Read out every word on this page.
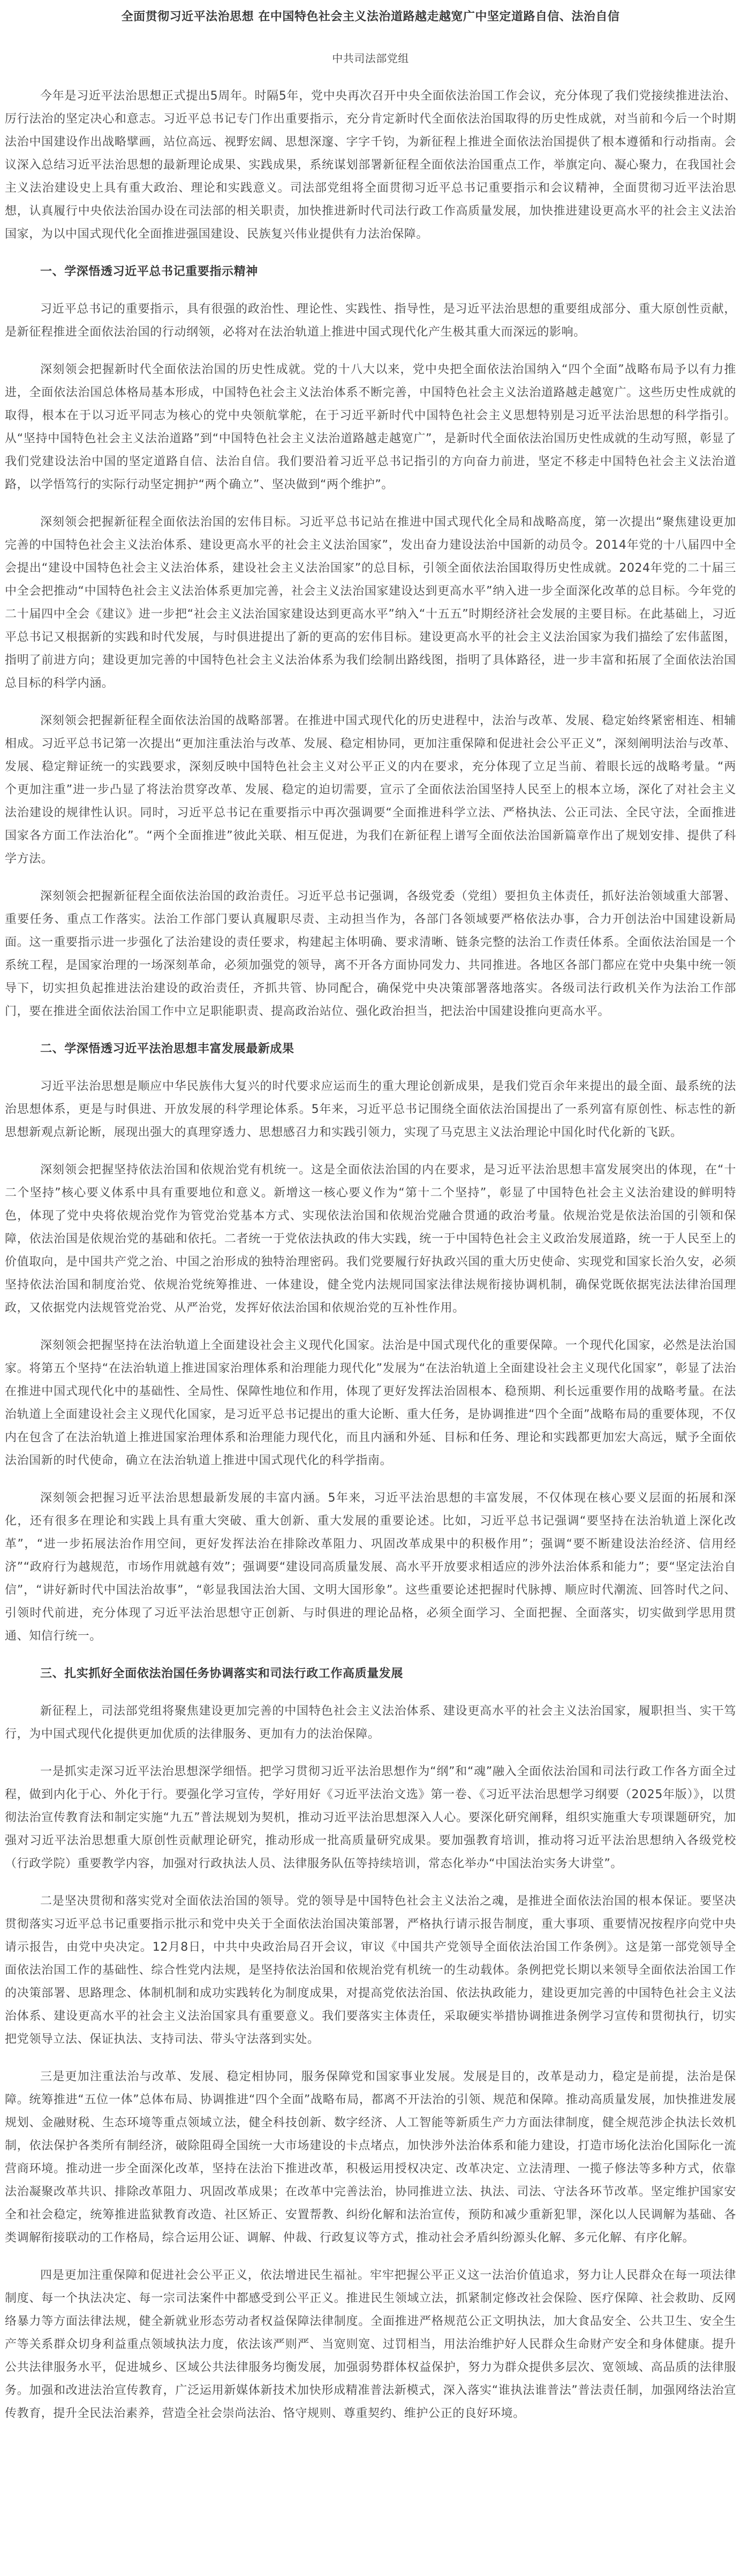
全面贯彻习近平法治思想 在中国特色社会主义法治道路越走越宽广中坚定道路自信、法治自信
中共司法部党组
今年是习近平法治思想正式提出5周年。时隔5年，党中央再次召开中央全面依法治国工作会议，充分体现了我们党接续推进法治、厉行法治的坚定决心和意志。习近平总书记专门作出重要指示，充分肯定新时代全面依法治国取得的历史性成就，对当前和今后一个时期法治中国建设作出战略擘画，站位高远、视野宏阔、思想深邃、字字千钧，为新征程上推进全面依法治国提供了根本遵循和行动指南。会议深入总结习近平法治思想的最新理论成果、实践成果，系统谋划部署新征程全面依法治国重点工作，举旗定向、凝心聚力，在我国社会主义法治建设史上具有重大政治、理论和实践意义。司法部党组将全面贯彻习近平总书记重要指示和会议精神，全面贯彻习近平法治思想，认真履行中央依法治国办设在司法部的相关职责，加快推进新时代司法行政工作高质量发展，加快推进建设更高水平的社会主义法治国家，为以中国式现代化全面推进强国建设、民族复兴伟业提供有力法治保障。
一、学深悟透习近平总书记重要指示精神
习近平总书记的重要指示，具有很强的政治性、理论性、实践性、指导性，是习近平法治思想的重要组成部分、重大原创性贡献，是新征程推进全面依法治国的行动纲领，必将对在法治轨道上推进中国式现代化产生极其重大而深远的影响。
深刻领会把握新时代全面依法治国的历史性成就。党的十八大以来，党中央把全面依法治国纳入“四个全面”战略布局予以有力推进，全面依法治国总体格局基本形成，中国特色社会主义法治体系不断完善，中国特色社会主义法治道路越走越宽广。这些历史性成就的取得，根本在于以习近平同志为核心的党中央领航掌舵，在于习近平新时代中国特色社会主义思想特别是习近平法治思想的科学指引。从“坚持中国特色社会主义法治道路”到“中国特色社会主义法治道路越走越宽广”，是新时代全面依法治国历史性成就的生动写照，彰显了我们党建设法治中国的坚定道路自信、法治自信。我们要沿着习近平总书记指引的方向奋力前进，坚定不移走中国特色社会主义法治道路，以学悟笃行的实际行动坚定拥护“两个确立”、坚决做到“两个维护”。
深刻领会把握新征程全面依法治国的宏伟目标。习近平总书记站在推进中国式现代化全局和战略高度，第一次提出“聚焦建设更加完善的中国特色社会主义法治体系、建设更高水平的社会主义法治国家”，发出奋力建设法治中国新的动员令。2014年党的十八届四中全会提出“建设中国特色社会主义法治体系，建设社会主义法治国家”的总目标，引领全面依法治国取得历史性成就。2024年党的二十届三中全会把推动“中国特色社会主义法治体系更加完善，社会主义法治国家建设达到更高水平”纳入进一步全面深化改革的总目标。今年党的二十届四中全会《建议》进一步把“社会主义法治国家建设达到更高水平”纳入“十五五”时期经济社会发展的主要目标。在此基础上，习近平总书记又根据新的实践和时代发展，与时俱进提出了新的更高的宏伟目标。建设更高水平的社会主义法治国家为我们描绘了宏伟蓝图，指明了前进方向；建设更加完善的中国特色社会主义法治体系为我们绘制出路线图，指明了具体路径，进一步丰富和拓展了全面依法治国总目标的科学内涵。
深刻领会把握新征程全面依法治国的战略部署。在推进中国式现代化的历史进程中，法治与改革、发展、稳定始终紧密相连、相辅相成。习近平总书记第一次提出“更加注重法治与改革、发展、稳定相协同，更加注重保障和促进社会公平正义”，深刻阐明法治与改革、发展、稳定辩证统一的实践要求，深刻反映中国特色社会主义对公平正义的内在要求，充分体现了立足当前、着眼长远的战略考量。“两个更加注重”进一步凸显了将法治贯穿改革、发展、稳定的迫切需要，宣示了全面依法治国坚持人民至上的根本立场，深化了对社会主义法治建设的规律性认识。同时，习近平总书记在重要指示中再次强调要“全面推进科学立法、严格执法、公正司法、全民守法，全面推进国家各方面工作法治化”。“两个全面推进”彼此关联、相互促进，为我们在新征程上谱写全面依法治国新篇章作出了规划安排、提供了科学方法。
深刻领会把握新征程全面依法治国的政治责任。习近平总书记强调，各级党委（党组）要担负主体责任，抓好法治领域重大部署、重要任务、重点工作落实。法治工作部门要认真履职尽责、主动担当作为，各部门各领域要严格依法办事，合力开创法治中国建设新局面。这一重要指示进一步强化了法治建设的责任要求，构建起主体明确、要求清晰、链条完整的法治工作责任体系。全面依法治国是一个系统工程，是国家治理的一场深刻革命，必须加强党的领导，离不开各方面协同发力、共同推进。各地区各部门都应在党中央集中统一领导下，切实担负起推进法治建设的政治责任，齐抓共管、协同配合，确保党中央决策部署落地落实。各级司法行政机关作为法治工作部门，要在推进全面依法治国工作中立足职能职责、提高政治站位、强化政治担当，把法治中国建设推向更高水平。
二、学深悟透习近平法治思想丰富发展最新成果
习近平法治思想是顺应中华民族伟大复兴的时代要求应运而生的重大理论创新成果，是我们党百余年来提出的最全面、最系统的法治思想体系，更是与时俱进、开放发展的科学理论体系。5年来，习近平总书记围绕全面依法治国提出了一系列富有原创性、标志性的新思想新观点新论断，展现出强大的真理穿透力、思想感召力和实践引领力，实现了马克思主义法治理论中国化时代化新的飞跃。
深刻领会把握坚持依法治国和依规治党有机统一。这是全面依法治国的内在要求，是习近平法治思想丰富发展突出的体现，在“十二个坚持”核心要义体系中具有重要地位和意义。新增这一核心要义作为“第十二个坚持”，彰显了中国特色社会主义法治建设的鲜明特色，体现了党中央将依规治党作为管党治党基本方式、实现依法治国和依规治党融合贯通的政治考量。依规治党是依法治国的引领和保障，依法治国是依规治党的基础和依托。二者统一于党依法执政的伟大实践，统一于中国特色社会主义政治发展道路，统一于人民至上的价值取向，是中国共产党之治、中国之治形成的独特治理密码。我们党要履行好执政兴国的重大历史使命、实现党和国家长治久安，必须坚持依法治国和制度治党、依规治党统筹推进、一体建设，健全党内法规同国家法律法规衔接协调机制，确保党既依据宪法法律治国理政，又依据党内法规管党治党、从严治党，发挥好依法治国和依规治党的互补性作用。
深刻领会把握坚持在法治轨道上全面建设社会主义现代化国家。法治是中国式现代化的重要保障。一个现代化国家，必然是法治国家。将第五个坚持“在法治轨道上推进国家治理体系和治理能力现代化”发展为“在法治轨道上全面建设社会主义现代化国家”，彰显了法治在推进中国式现代化中的基础性、全局性、保障性地位和作用，体现了更好发挥法治固根本、稳预期、利长远重要作用的战略考量。在法治轨道上全面建设社会主义现代化国家，是习近平总书记提出的重大论断、重大任务，是协调推进“四个全面”战略布局的重要体现，不仅内在包含了在法治轨道上推进国家治理体系和治理能力现代化，而且内涵和外延、目标和任务、理论和实践都更加宏大高远，赋予全面依法治国新的时代使命，确立在法治轨道上推进中国式现代化的科学指南。
深刻领会把握习近平法治思想最新发展的丰富内涵。5年来，习近平法治思想的丰富发展，不仅体现在核心要义层面的拓展和深化，还有很多在理论和实践上具有重大突破、重大创新、重大发展的重要论述。比如，习近平总书记强调“要坚持在法治轨道上深化改革”，“进一步拓展法治作用空间，更好发挥法治在排除改革阻力、巩固改革成果中的积极作用”；强调“要不断建设法治经济、信用经济”“政府行为越规范，市场作用就越有效”；强调要“建设同高质量发展、高水平开放要求相适应的涉外法治体系和能力”；要“坚定法治自信”，“讲好新时代中国法治故事”，“彰显我国法治大国、文明大国形象”。这些重要论述把握时代脉搏、顺应时代潮流、回答时代之问、引领时代前进，充分体现了习近平法治思想守正创新、与时俱进的理论品格，必须全面学习、全面把握、全面落实，切实做到学思用贯通、知信行统一。
三、扎实抓好全面依法治国任务协调落实和司法行政工作高质量发展
新征程上，司法部党组将聚焦建设更加完善的中国特色社会主义法治体系、建设更高水平的社会主义法治国家，履职担当、实干笃行，为中国式现代化提供更加优质的法律服务、更加有力的法治保障。
一是抓实走深习近平法治思想深学细悟。把学习贯彻习近平法治思想作为“纲”和“魂”融入全面依法治国和司法行政工作各方面全过程，做到内化于心、外化于行。要强化学习宣传，学好用好《习近平法治文选》第一卷、《习近平法治思想学习纲要（2025年版）》，以贯彻法治宣传教育法和制定实施“九五”普法规划为契机，推动习近平法治思想深入人心。要深化研究阐释，组织实施重大专项课题研究，加强对习近平法治思想重大原创性贡献理论研究，推动形成一批高质量研究成果。要加强教育培训，推动将习近平法治思想纳入各级党校（行政学院）重要教学内容，加强对行政执法人员、法律服务队伍等持续培训，常态化举办“中国法治实务大讲堂”。
二是坚决贯彻和落实党对全面依法治国的领导。党的领导是中国特色社会主义法治之魂，是推进全面依法治国的根本保证。要坚决贯彻落实习近平总书记重要指示批示和党中央关于全面依法治国决策部署，严格执行请示报告制度，重大事项、重要情况按程序向党中央请示报告，由党中央决定。12月8日，中共中央政治局召开会议，审议《中国共产党领导全面依法治国工作条例》。这是第一部党领导全面依法治国工作的基础性、综合性党内法规，是坚持依法治国和依规治党有机统一的生动载体。条例把党长期以来领导全面依法治国工作的决策部署、思路理念、体制机制和成功实践转化为制度成果，对提高党依法治国、依法执政能力，建设更加完善的中国特色社会主义法治体系、建设更高水平的社会主义法治国家具有重要意义。我们要落实主体责任，采取硬实举措协调推进条例学习宣传和贯彻执行，切实把党领导立法、保证执法、支持司法、带头守法落到实处。
三是更加注重法治与改革、发展、稳定相协同，服务保障党和国家事业发展。发展是目的，改革是动力，稳定是前提，法治是保障。统筹推进“五位一体”总体布局、协调推进“四个全面”战略布局，都离不开法治的引领、规范和保障。推动高质量发展，加快推进发展规划、金融财税、生态环境等重点领域立法，健全科技创新、数字经济、人工智能等新质生产力方面法律制度，健全规范涉企执法长效机制，依法保护各类所有制经济，破除阻碍全国统一大市场建设的卡点堵点，加快涉外法治体系和能力建设，打造市场化法治化国际化一流营商环境。推动进一步全面深化改革，坚持在法治下推进改革，积极运用授权决定、改革决定、立法清理、一揽子修法等多种方式，依靠法治凝聚改革共识、排除改革阻力、巩固改革成果；在改革中完善法治，协同推进立法、执法、司法、守法各环节改革。坚定维护国家安全和社会稳定，统筹推进监狱教育改造、社区矫正、安置帮教、纠纷化解和法治宣传，预防和减少重新犯罪，深化以人民调解为基础、各类调解衔接联动的工作格局，综合运用公证、调解、仲裁、行政复议等方式，推动社会矛盾纠纷源头化解、多元化解、有序化解。
四是更加注重保障和促进社会公平正义，依法增进民生福祉。牢牢把握公平正义这一法治价值追求，努力让人民群众在每一项法律制度、每一个执法决定、每一宗司法案件中都感受到公平正义。推进民生领域立法，抓紧制定修改社会保险、医疗保障、社会救助、反网络暴力等方面法律法规，健全新就业形态劳动者权益保障法律制度。全面推进严格规范公正文明执法，加大食品安全、公共卫生、安全生产等关系群众切身利益重点领域执法力度，依法该严则严、当宽则宽、过罚相当，用法治维护好人民群众生命财产安全和身体健康。提升公共法律服务水平，促进城乡、区域公共法律服务均衡发展，加强弱势群体权益保护，努力为群众提供多层次、宽领域、高品质的法律服务。加强和改进法治宣传教育，广泛运用新媒体新技术加快形成精准普法新模式，深入落实“谁执法谁普法”普法责任制，加强网络法治宣传教育，提升全民法治素养，营造全社会崇尚法治、恪守规则、尊重契约、维护公正的良好环境。
